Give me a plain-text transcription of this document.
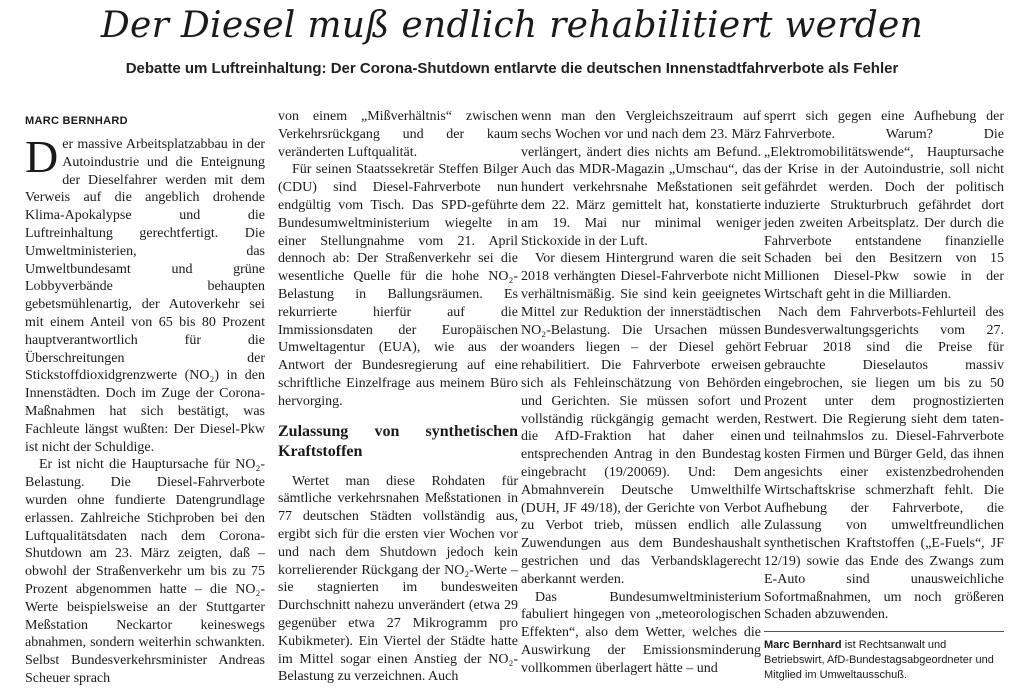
Der Diesel muß endlich rehabilitiert werden
Debatte um Luftreinhaltung: Der Corona-Shutdown entlarvte die deutschen Innenstadtfahrverbote als Fehler

MARC BERNHARD

Der massive Arbeitsplatzabbau in der Autoindustrie und die Enteignung der Dieselfahrer werden mit dem Verweis auf die angeblich drohende Klima-Apokalypse und die Luftreinhaltung gerechtfertigt. Die Umweltministerien, das Umweltbundesamt und grüne Lobbyverbände behaupten gebetsmühlenartig, der Autoverkehr sei mit einem Anteil von 65 bis 80 Prozent hauptverantwortlich für die Überschreitungen der Stickstoffdioxidgrenzwerte (NO₂) in den Innenstädten. Doch im Zuge der Corona-Maßnahmen hat sich bestätigt, was Fachleute längst wußten: Der Diesel-Pkw ist nicht der Schuldige.

Er ist nicht die Hauptursache für NO₂-Belastung. Die Diesel-Fahrverbote wurden ohne fundierte Datengrundlage erlassen. Zahlreiche Stichproben bei den Luftqualitätsdaten nach dem Corona-Shutdown am 23. März zeigten, daß – obwohl der Straßenverkehr um bis zu 75 Prozent abgenommen hatte – die NO₂-Werte beispielsweise an der Stuttgarter Meßstation Neckartor keineswegs abnahmen, sondern weiterhin schwankten. Selbst Bundesverkehrsminister Andreas Scheuer sprach

von einem „Mißverhältnis“ zwischen Verkehrsrückgang und der kaum veränderten Luftqualität.

Für seinen Staatssekretär Steffen Bilger (CDU) sind Diesel-Fahrverbote nun endgültig vom Tisch. Das SPD-geführte Bundesumweltministerium wiegelte in einer Stellungnahme vom 21. April dennoch ab: Der Straßenverkehr sei die wesentliche Quelle für die hohe NO₂-Belastung in Ballungsräumen. Es rekurrierte hierfür auf die Immissionsdaten der Europäischen Umweltagentur (EUA), wie aus der Antwort der Bundesregierung auf eine schriftliche Einzelfrage aus meinem Büro hervorging.

Zulassung von synthetischen Kraftstoffen

Wertet man diese Rohdaten für sämtliche verkehrsnahen Meßstationen in 77 deutschen Städten vollständig aus, ergibt sich für die ersten vier Wochen vor und nach dem Shutdown jedoch kein korrelierender Rückgang der NO₂-Werte – sie stagnierten im bundesweiten Durchschnitt nahezu unverändert (etwa 29 gegenüber etwa 27 Mikrogramm pro Kubikmeter). Ein Viertel der Städte hatte im Mittel sogar einen Anstieg der NO₂-Belastung zu verzeichnen. Auch

wenn man den Vergleichszeitraum auf sechs Wochen vor und nach dem 23. März verlängert, ändert dies nichts am Befund. Auch das MDR-Magazin „Umschau“, das hundert verkehrsnahe Meßstationen seit dem 22. März gemittelt hat, konstatierte am 19. Mai nur minimal weniger Stickoxide in der Luft.

Vor diesem Hintergrund waren die seit 2018 verhängten Diesel-Fahrverbote nicht verhältnismäßig. Sie sind kein geeignetes Mittel zur Reduktion der innerstädtischen NO₂-Belastung. Die Ursachen müssen woanders liegen – der Diesel gehört rehabilitiert. Die Fahrverbote erweisen sich als Fehleinschätzung von Behörden und Gerichten. Sie müssen sofort und vollständig rückgängig gemacht werden, die AfD-Fraktion hat daher einen entsprechenden Antrag in den Bundestag eingebracht (19/20069). Und: Dem Abmahnverein Deutsche Umwelthilfe (DUH, JF 49/18), der Gerichte von Verbot zu Verbot trieb, müssen endlich alle Zuwendungen aus dem Bundeshaushalt gestrichen und das Verbandsklagerecht aberkannt werden.

Das Bundesumweltministerium fabuliert hingegen von „meteorologischen Effekten“, also dem Wetter, welches die Auswirkung der Emissionsminderung vollkommen überlagert hätte – und

sperrt sich gegen eine Aufhebung der Fahrverbote. Warum? Die „Elektromobilitätswende“, Hauptursache der Krise in der Autoindustrie, soll nicht gefährdet werden. Doch der politisch induzierte Strukturbruch gefährdet dort jeden zweiten Arbeitsplatz. Der durch die Fahrverbote entstandene finanzielle Schaden bei den Besitzern von 15 Millionen Diesel-Pkw sowie in der Wirtschaft geht in die Milliarden.

Nach dem Fahrverbots-Fehlurteil des Bundesverwaltungsgerichts vom 27. Februar 2018 sind die Preise für gebrauchte Dieselautos massiv eingebrochen, sie liegen um bis zu 50 Prozent unter dem prognostizierten Restwert. Die Regierung sieht dem taten- und teilnahmslos zu. Diesel-Fahrverbote kosten Firmen und Bürger Geld, das ihnen angesichts einer existenzbedrohenden Wirtschaftskrise schmerzhaft fehlt. Die Aufhebung der Fahrverbote, die Zulassung von umweltfreundlichen synthetischen Kraftstoffen („E-Fuels“, JF 12/19) sowie das Ende des Zwangs zum E-Auto sind unausweichliche Sofortmaßnahmen, um noch größeren Schaden abzuwenden.

Marc Bernhard ist Rechtsanwalt und Betriebswirt, AfD-Bundestagsabgeordneter und Mitglied im Umweltausschuß.
